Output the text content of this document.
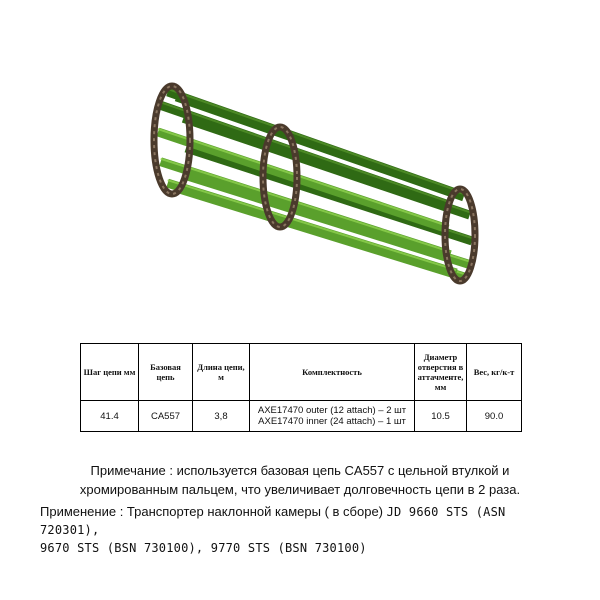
Шаг цепи мм	Базовая цепь	Длина цепи, м	Комплектность	Диаметр отверстия в аттачменте, мм	Вес, кг/к-т
41.4	CA557	3,8	AXE17470 outer (12 attach) – 2 шт
AXE17470 inner (24 attach) – 1 шт	10.5	90.0
Примечание : используется базовая цепь CA557 с цельной втулкой и
хромированным пальцем, что увеличивает долговечность цепи в 2 раза.
Применение : Транспортер наклонной камеры ( в сборе) JD 9660 STS (ASN 720301),
9670 STS (BSN 730100), 9770 STS (BSN 730100)
